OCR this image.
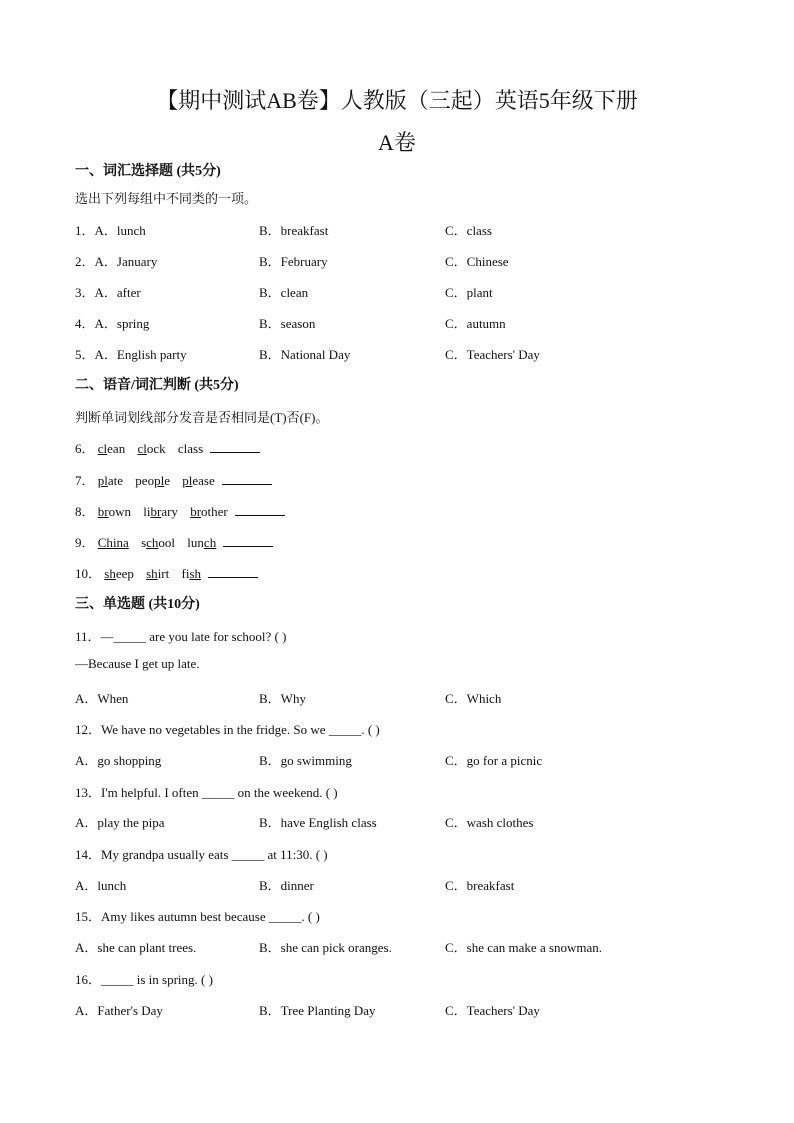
【期中测试AB卷】人教版（三起）英语5年级下册
A卷
一、词汇选择题 (共5分)
选出下列每组中不同类的一项。
1．A．lunch	B．breakfast	C．class
2．A．January	B．February	C．Chinese
3．A．after	B．clean	C．plant
4．A．spring	B．season	C．autumn
5．A．English party	B．National Day	C．Teachers' Day
二、语音/词汇判断 (共5分)
判断单词划线部分发音是否相同是(T)否(F)。
6． clean clock class
7． plate people please
8． brown library brother
9． China school lunch
10． sheep shirt fish
三、单选题 (共10分)
11．—_____ are you late for school? ( )
—Because I get up late.
A．When	B．Why	C．Which
12．We have no vegetables in the fridge. So we _____. ( )
A．go shopping	B．go swimming	C．go for a picnic
13．I'm helpful. I often _____ on the weekend. ( )
A．play the pipa	B．have English class	C．wash clothes
14．My grandpa usually eats _____ at 11:30. ( )
A．lunch	B．dinner	C．breakfast
15．Amy likes autumn best because _____. ( )
A．she can plant trees.	B．she can pick oranges.	C．she can make a snowman.
16．_____ is in spring. ( )
A．Father's Day	B．Tree Planting Day	C．Teachers' Day
